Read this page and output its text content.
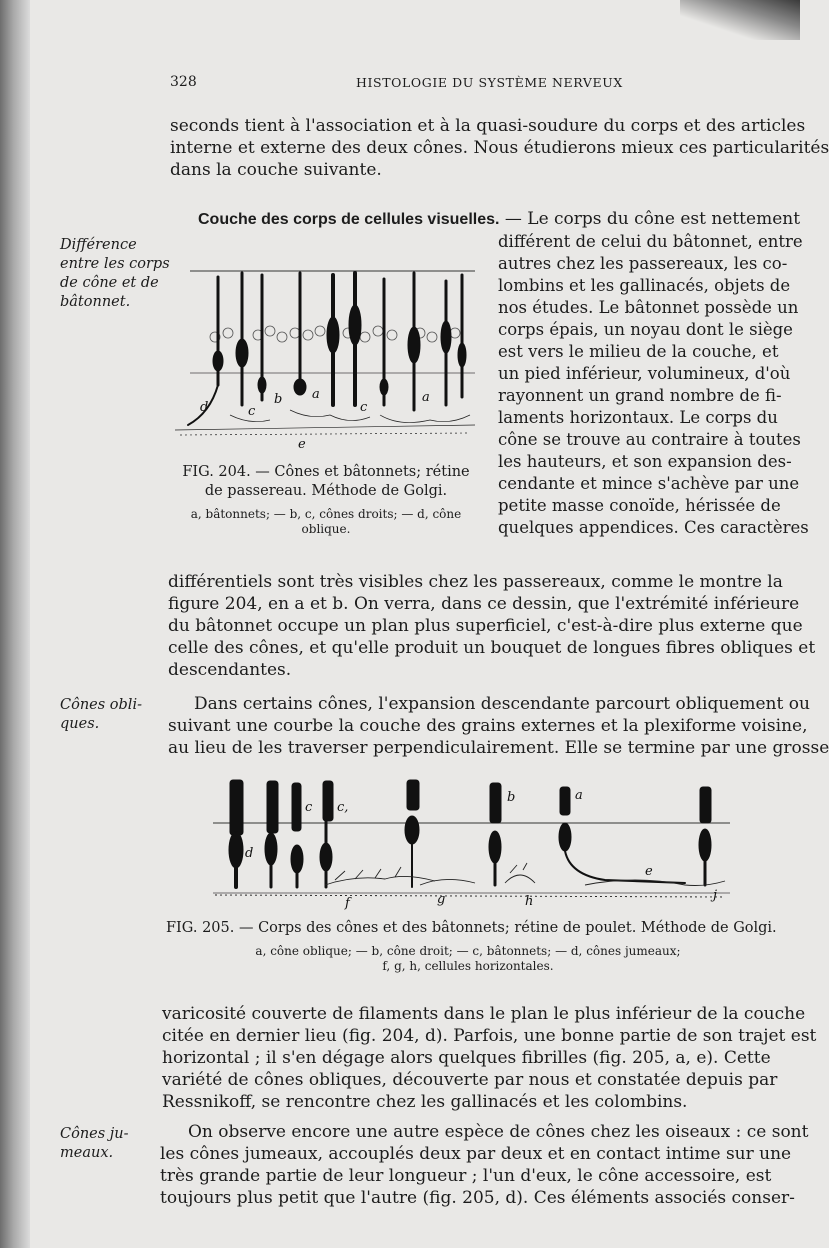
328	HISTOLOGIE DU SYSTÈME NERVEUX
seconds tient à l'association et à la quasi-soudure du corps et des articles
interne et externe des deux cônes. Nous étudierons mieux ces particularités
dans la couche suivante.
Différence
entre les corps
de cône et de
bâtonnet.
Couche des corps de cellules visuelles. — Le corps du cône est nettement
différent de celui du bâtonnet, entre
autres chez les passereaux, les co-
lombins et les gallinacés, objets de
nos études. Le bâtonnet possède un
corps épais, un noyau dont le siège
est vers le milieu de la couche, et
un pied inférieur, volumineux, d'où
rayonnent un grand nombre de fi-
laments horizontaux. Le corps du
cône se trouve au contraire à toutes
les hauteurs, et son expansion des-
cendante et mince s'achève par une
petite masse conoïde, hérissée de
quelques appendices. Ces caractères
d	c
b a
c
a
e
FIG. 204. — Cônes et bâtonnets; rétine
de passereau. Méthode de Golgi.
a, bâtonnets; — b, c, cônes droits; — d, cône
oblique.
différentiels sont très visibles chez les passereaux, comme le montre la
figure 204, en a et b. On verra, dans ce dessin, que l'extrémité inférieure
du bâtonnet occupe un plan plus superficiel, c'est-à-dire plus externe que
celle des cônes, et qu'elle produit un bouquet de longues fibres obliques et
descendantes.
Cônes obli-
ques.
Dans certains cônes, l'expansion descendante parcourt obliquement ou
suivant une courbe la couche des grains externes et la plexiforme voisine,
au lieu de les traverser perpendiculairement. Elle se termine par une grosse
d
c c,
b	a
e
f	g	h	j
FIG. 205. — Corps des cônes et des bâtonnets; rétine de poulet. Méthode de Golgi.
a, cône oblique; — b, cône droit; — c, bâtonnets; — d, cônes jumeaux;
f, g, h, cellules horizontales.
varicosité couverte de filaments dans le plan le plus inférieur de la couche
citée en dernier lieu (fig. 204, d). Parfois, une bonne partie de son trajet est
horizontal ; il s'en dégage alors quelques fibrilles (fig. 205, a, e). Cette
variété de cônes obliques, découverte par nous et constatée depuis par
Ressnikoff, se rencontre chez les gallinacés et les colombins.
Cônes ju-
meaux.
On observe encore une autre espèce de cônes chez les oiseaux : ce sont
les cônes jumeaux, accouplés deux par deux et en contact intime sur une
très grande partie de leur longueur ; l'un d'eux, le cône accessoire, est
toujours plus petit que l'autre (fig. 205, d). Ces éléments associés conser-
